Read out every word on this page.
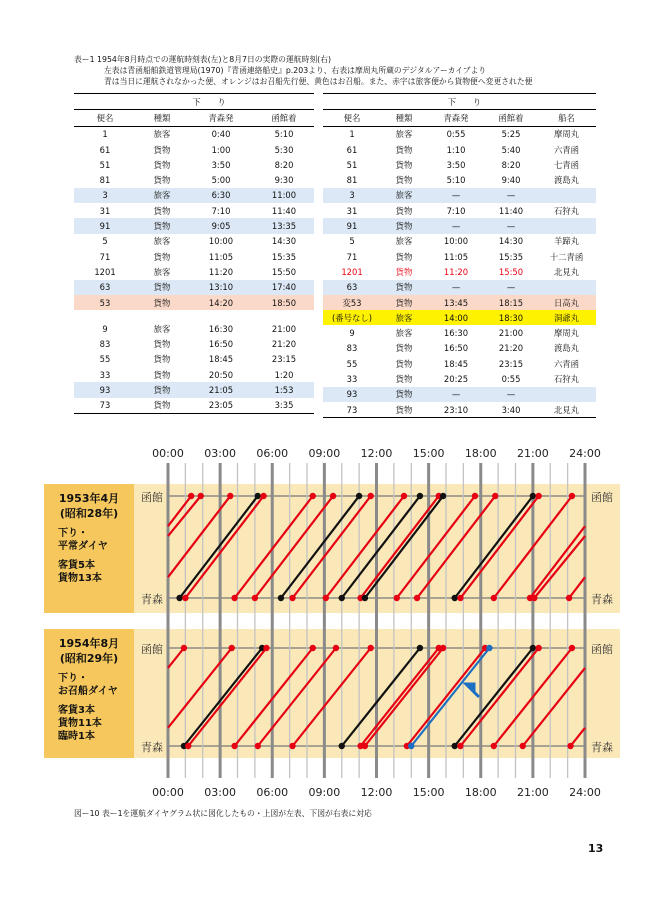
表ー1 1954年8月時点での運航時刻表(左)と8月7日の実際の運航時刻(右)
左表は青函船舶鉄道管理局(1970)『青函連絡船史』p.203より、右表は摩周丸所蔵のデジタルアーカイブより
青は当日に運航されなかった便、オレンジはお召船先行便、黄色はお召船。また、赤字は旅客便から貨物便へ変更された便
下　　り			
便名	種類	青森発	函館着
1	旅客	0:40	5:10
61	貨物	1:00	5:30
51	貨物	3:50	8:20
81	貨物	5:00	9:30
3	旅客	6:30	11:00
31	貨物	7:10	11:40
91	貨物	9:05	13:35
5	旅客	10:00	14:30
71	貨物	11:05	15:35
1201	旅客	11:20	15:50
63	貨物	13:10	17:40
53	貨物	14:20	18:50

9	旅客	16:30	21:00
83	貨物	16:50	21:20
55	貨物	18:45	23:15
33	貨物	20:50	1:20
93	貨物	21:05	1:53
73	貨物	23:05	3:35
下　　り				
便名	種類	青森発	函館着	船名
1	旅客	0:55	5:25	摩周丸
61	貨物	1:10	5:40	六青函
51	貨物	3:50	8:20	七青函
81	貨物	5:10	9:40	渡島丸
3	旅客	—	—	
31	貨物	7:10	11:40	石狩丸
91	貨物	—	—	
5	旅客	10:00	14:30	羊蹄丸
71	貨物	11:05	15:35	十二青函
1201	貨物	11:20	15:50	北見丸
63	貨物	—	—	
変53	貨物	13:45	18:15	日高丸
(番号なし)	旅客	14:00	18:30	洞爺丸
9	旅客	16:30	21:00	摩周丸
83	貨物	16:50	21:20	渡島丸
55	貨物	18:45	23:15	六青函
33	貨物	20:25	0:55	石狩丸
93	貨物	—	—	
73	貨物	23:10	3:40	北見丸
1953年4月
(昭和28年)
下り・
平常ダイヤ
客貨5本
貨物13本
函館
青森
函館
青森
1954年8月
(昭和29年)
下り・
お召船ダイヤ
客貨3本
貨物11本
臨時1本
函館
青森
函館
青森
00:00
00:00
03:00
03:00
06:00
06:00
09:00
09:00
12:00
12:00
15:00
15:00
18:00
18:00
21:00
21:00
24:00
24:00
図ー10 表ー1を運航ダイヤグラム状に図化したもの・上図が左表、下図が右表に対応
13
